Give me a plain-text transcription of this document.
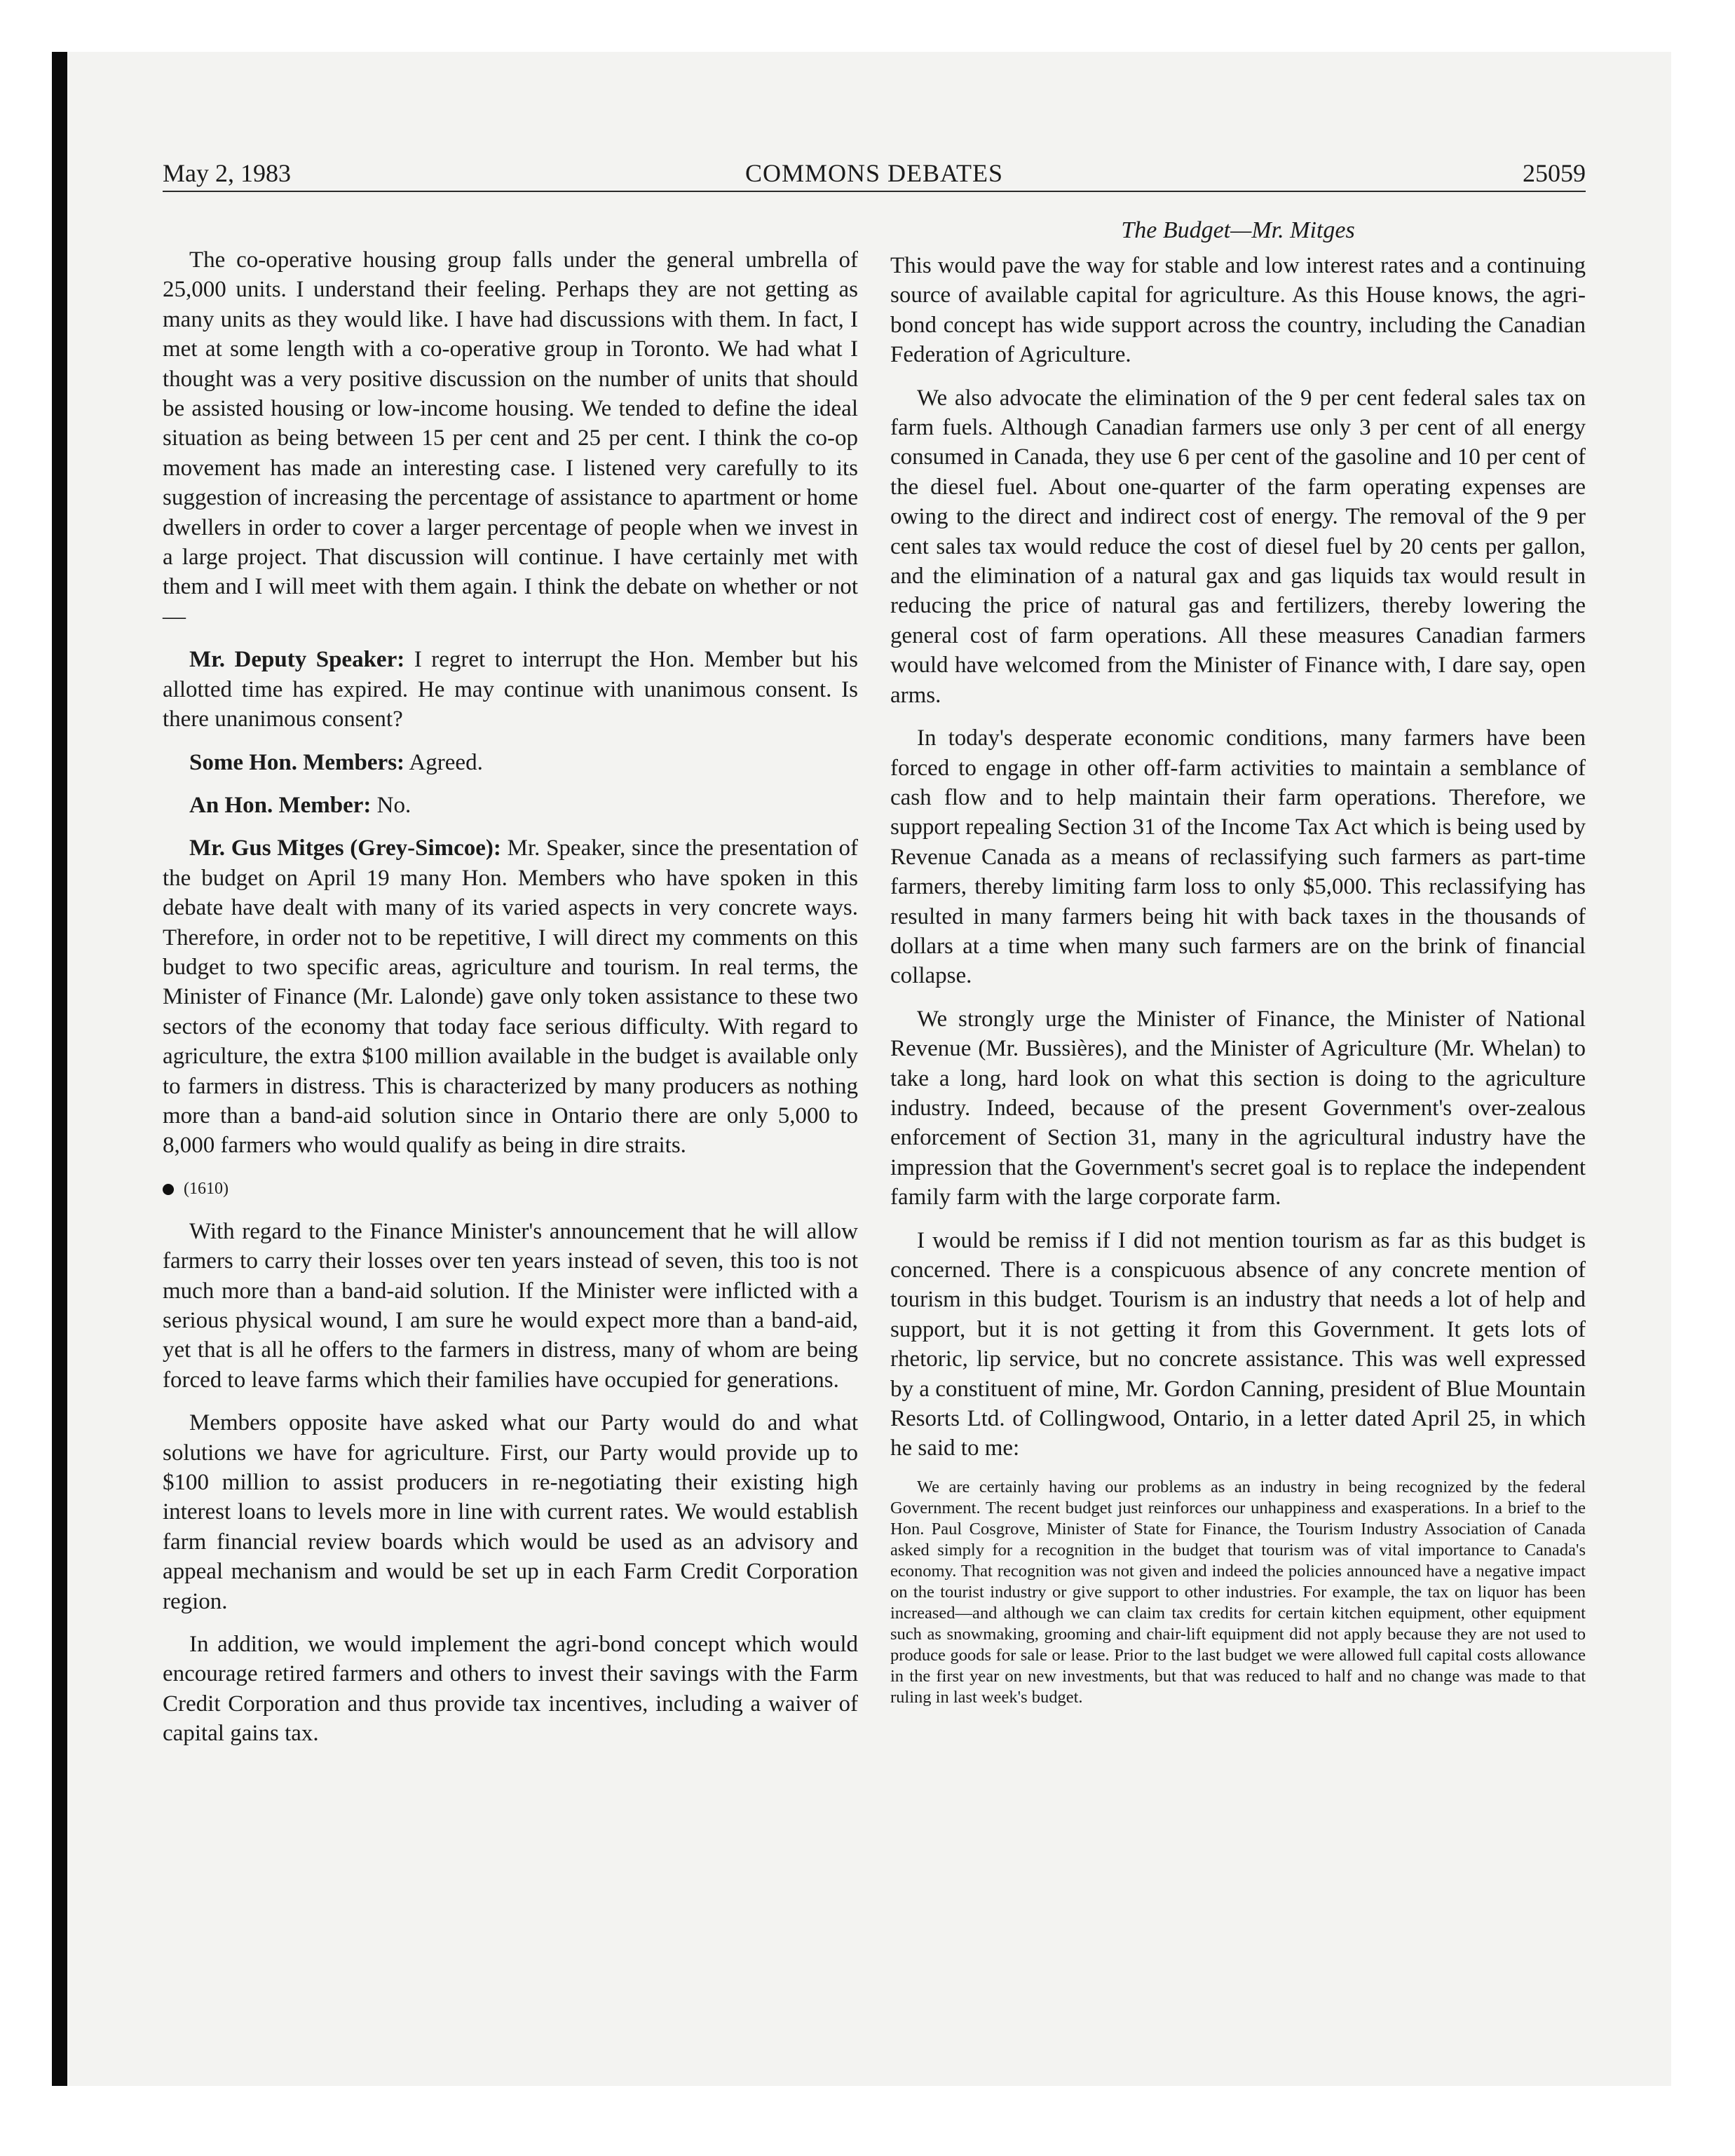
COMMONS DEBATES
May 2, 1983	25059
The Budget—Mr. Mitges

The co-operative housing group falls under the general umbrella of 25,000 units. I understand their feeling. Perhaps they are not getting as many units as they would like. I have had discussions with them. In fact, I met at some length with a co-operative group in Toronto. We had what I thought was a very positive discussion on the number of units that should be assisted housing or low-income housing. We tended to define the ideal situation as being between 15 per cent and 25 per cent. I think the co-op movement has made an interesting case. I listened very carefully to its suggestion of increasing the percentage of assistance to apartment or home dwellers in order to cover a larger percentage of people when we invest in a large project. That discussion will continue. I have certainly met with them and I will meet with them again. I think the debate on whether or not—

Mr. Deputy Speaker: I regret to interrupt the Hon. Member but his allotted time has expired. He may continue with unanimous consent. Is there unanimous consent?

Some Hon. Members: Agreed.

An Hon. Member: No.

Mr. Gus Mitges (Grey-Simcoe): Mr. Speaker, since the presentation of the budget on April 19 many Hon. Members who have spoken in this debate have dealt with many of its varied aspects in very concrete ways. Therefore, in order not to be repetitive, I will direct my comments on this budget to two specific areas, agriculture and tourism. In real terms, the Minister of Finance (Mr. Lalonde) gave only token assistance to these two sectors of the economy that today face serious difficulty. With regard to agriculture, the extra $100 million available in the budget is available only to farmers in distress. This is characterized by many producers as nothing more than a band-aid solution since in Ontario there are only 5,000 to 8,000 farmers who would qualify as being in dire straits.

(1610)

With regard to the Finance Minister's announcement that he will allow farmers to carry their losses over ten years instead of seven, this too is not much more than a band-aid solution. If the Minister were inflicted with a serious physical wound, I am sure he would expect more than a band-aid, yet that is all he offers to the farmers in distress, many of whom are being forced to leave farms which their families have occupied for generations.

Members opposite have asked what our Party would do and what solutions we have for agriculture. First, our Party would provide up to $100 million to assist producers in re-negotiating their existing high interest loans to levels more in line with current rates. We would establish farm financial review boards which would be used as an advisory and appeal mechanism and would be set up in each Farm Credit Corporation region.

In addition, we would implement the agri-bond concept which would encourage retired farmers and others to invest their savings with the Farm Credit Corporation and thus provide tax incentives, including a waiver of capital gains tax.

This would pave the way for stable and low interest rates and a continuing source of available capital for agriculture. As this House knows, the agri-bond concept has wide support across the country, including the Canadian Federation of Agriculture.

We also advocate the elimination of the 9 per cent federal sales tax on farm fuels. Although Canadian farmers use only 3 per cent of all energy consumed in Canada, they use 6 per cent of the gasoline and 10 per cent of the diesel fuel. About one-quarter of the farm operating expenses are owing to the direct and indirect cost of energy. The removal of the 9 per cent sales tax would reduce the cost of diesel fuel by 20 cents per gallon, and the elimination of a natural gax and gas liquids tax would result in reducing the price of natural gas and fertilizers, thereby lowering the general cost of farm operations. All these measures Canadian farmers would have welcomed from the Minister of Finance with, I dare say, open arms.

In today's desperate economic conditions, many farmers have been forced to engage in other off-farm activities to maintain a semblance of cash flow and to help maintain their farm operations. Therefore, we support repealing Section 31 of the Income Tax Act which is being used by Revenue Canada as a means of reclassifying such farmers as part-time farmers, thereby limiting farm loss to only $5,000. This reclassifying has resulted in many farmers being hit with back taxes in the thousands of dollars at a time when many such farmers are on the brink of financial collapse.

We strongly urge the Minister of Finance, the Minister of National Revenue (Mr. Bussières), and the Minister of Agriculture (Mr. Whelan) to take a long, hard look on what this section is doing to the agriculture industry. Indeed, because of the present Government's over-zealous enforcement of Section 31, many in the agricultural industry have the impression that the Government's secret goal is to replace the independent family farm with the large corporate farm.

I would be remiss if I did not mention tourism as far as this budget is concerned. There is a conspicuous absence of any concrete mention of tourism in this budget. Tourism is an industry that needs a lot of help and support, but it is not getting it from this Government. It gets lots of rhetoric, lip service, but no concrete assistance. This was well expressed by a constituent of mine, Mr. Gordon Canning, president of Blue Mountain Resorts Ltd. of Collingwood, Ontario, in a letter dated April 25, in which he said to me:

We are certainly having our problems as an industry in being recognized by the federal Government. The recent budget just reinforces our unhappiness and exasperations. In a brief to the Hon. Paul Cosgrove, Minister of State for Finance, the Tourism Industry Association of Canada asked simply for a recognition in the budget that tourism was of vital importance to Canada's economy. That recognition was not given and indeed the policies announced have a negative impact on the tourist industry or give support to other industries. For example, the tax on liquor has been increased—and although we can claim tax credits for certain kitchen equipment, other equipment such as snowmaking, grooming and chair-lift equipment did not apply because they are not used to produce goods for sale or lease. Prior to the last budget we were allowed full capital costs allowance in the first year on new investments, but that was reduced to half and no change was made to that ruling in last week's budget.
